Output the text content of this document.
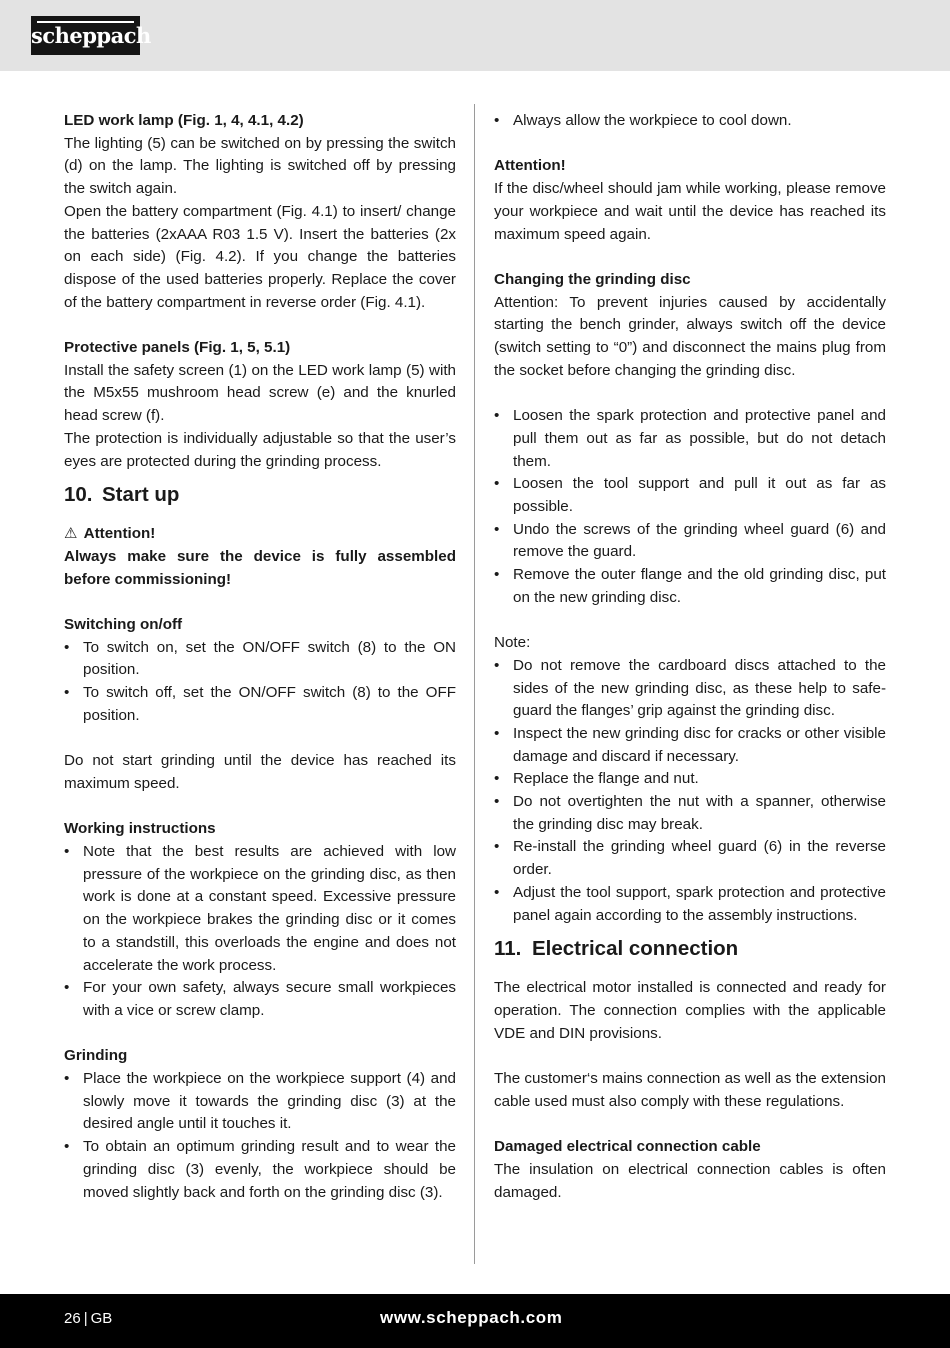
scheppach

LED work lamp (Fig. 1, 4, 4.1, 4.2)

The lighting (5) can be switched on by pressing the switch (d) on the lamp. The lighting is switched off by pressing the switch again.

Open the battery compartment (Fig. 4.1) to insert/ change the batteries (2xAAA R03 1.5 V). Insert the batteries (2x on each side) (Fig. 4.2). If you change the batteries dispose of the used batteries properly. Replace the cover of the battery compartment in reverse order (Fig. 4.1).

Protective panels (Fig. 1, 5, 5.1)

Install the safety screen (1) on the LED work lamp (5) with the M5x55 mushroom head screw (e) and the knurled head screw (f).

The protection is individually adjustable so that the user’s eyes are protected during the grinding process.

10. Start up

⚠ Attention!

Always make sure the device is fully assembled before commissioning!

Switching on/off

• To switch on, set the ON/OFF switch (8) to the ON position.
• To switch off, set the ON/OFF switch (8) to the OFF position.

Do not start grinding until the device has reached its maximum speed.

Working instructions

• Note that the best results are achieved with low pressure of the workpiece on the grinding disc, as then work is done at a constant speed. Excessive pressure on the workpiece brakes the grinding disc or it comes to a standstill, this overloads the engine and does not accelerate the work process.
• For your own safety, always secure small workpieces with a vice or screw clamp.

Grinding

• Place the workpiece on the workpiece support (4) and slowly move it towards the grinding disc (3) at the desired angle until it touches it.
• To obtain an optimum grinding result and to wear the grinding disc (3) evenly, the workpiece should be moved slightly back and forth on the grinding disc (3).
• Always allow the workpiece to cool down.

Attention!

If the disc/wheel should jam while working, please remove your workpiece and wait until the device has reached its maximum speed again.

Changing the grinding disc

Attention: To prevent injuries caused by accidentally starting the bench grinder, always switch off the device (switch setting to “0”) and disconnect the mains plug from the socket before changing the grinding disc.

• Loosen the spark protection and protective panel and pull them out as far as possible, but do not detach them.
• Loosen the tool support and pull it out as far as possible.
• Undo the screws of the grinding wheel guard (6) and remove the guard.
• Remove the outer flange and the old grinding disc, put on the new grinding disc.

Note:

• Do not remove the cardboard discs attached to the sides of the new grinding disc, as these help to safeguard the flanges’ grip against the grinding disc.
• Inspect the new grinding disc for cracks or other visible damage and discard if necessary.
• Replace the flange and nut.
• Do not overtighten the nut with a spanner, otherwise the grinding disc may break.
• Re-install the grinding wheel guard (6) in the reverse order.
• Adjust the tool support, spark protection and protective panel again according to the assembly instructions.
11. Electrical connection

The electrical motor installed is connected and ready for operation. The connection complies with the applicable VDE and DIN provisions.

The customer‘s mains connection as well as the extension cable used must also comply with these regulations.

Damaged electrical connection cable

The insulation on electrical connection cables is often damaged.

26 | GB	www.scheppach.com
